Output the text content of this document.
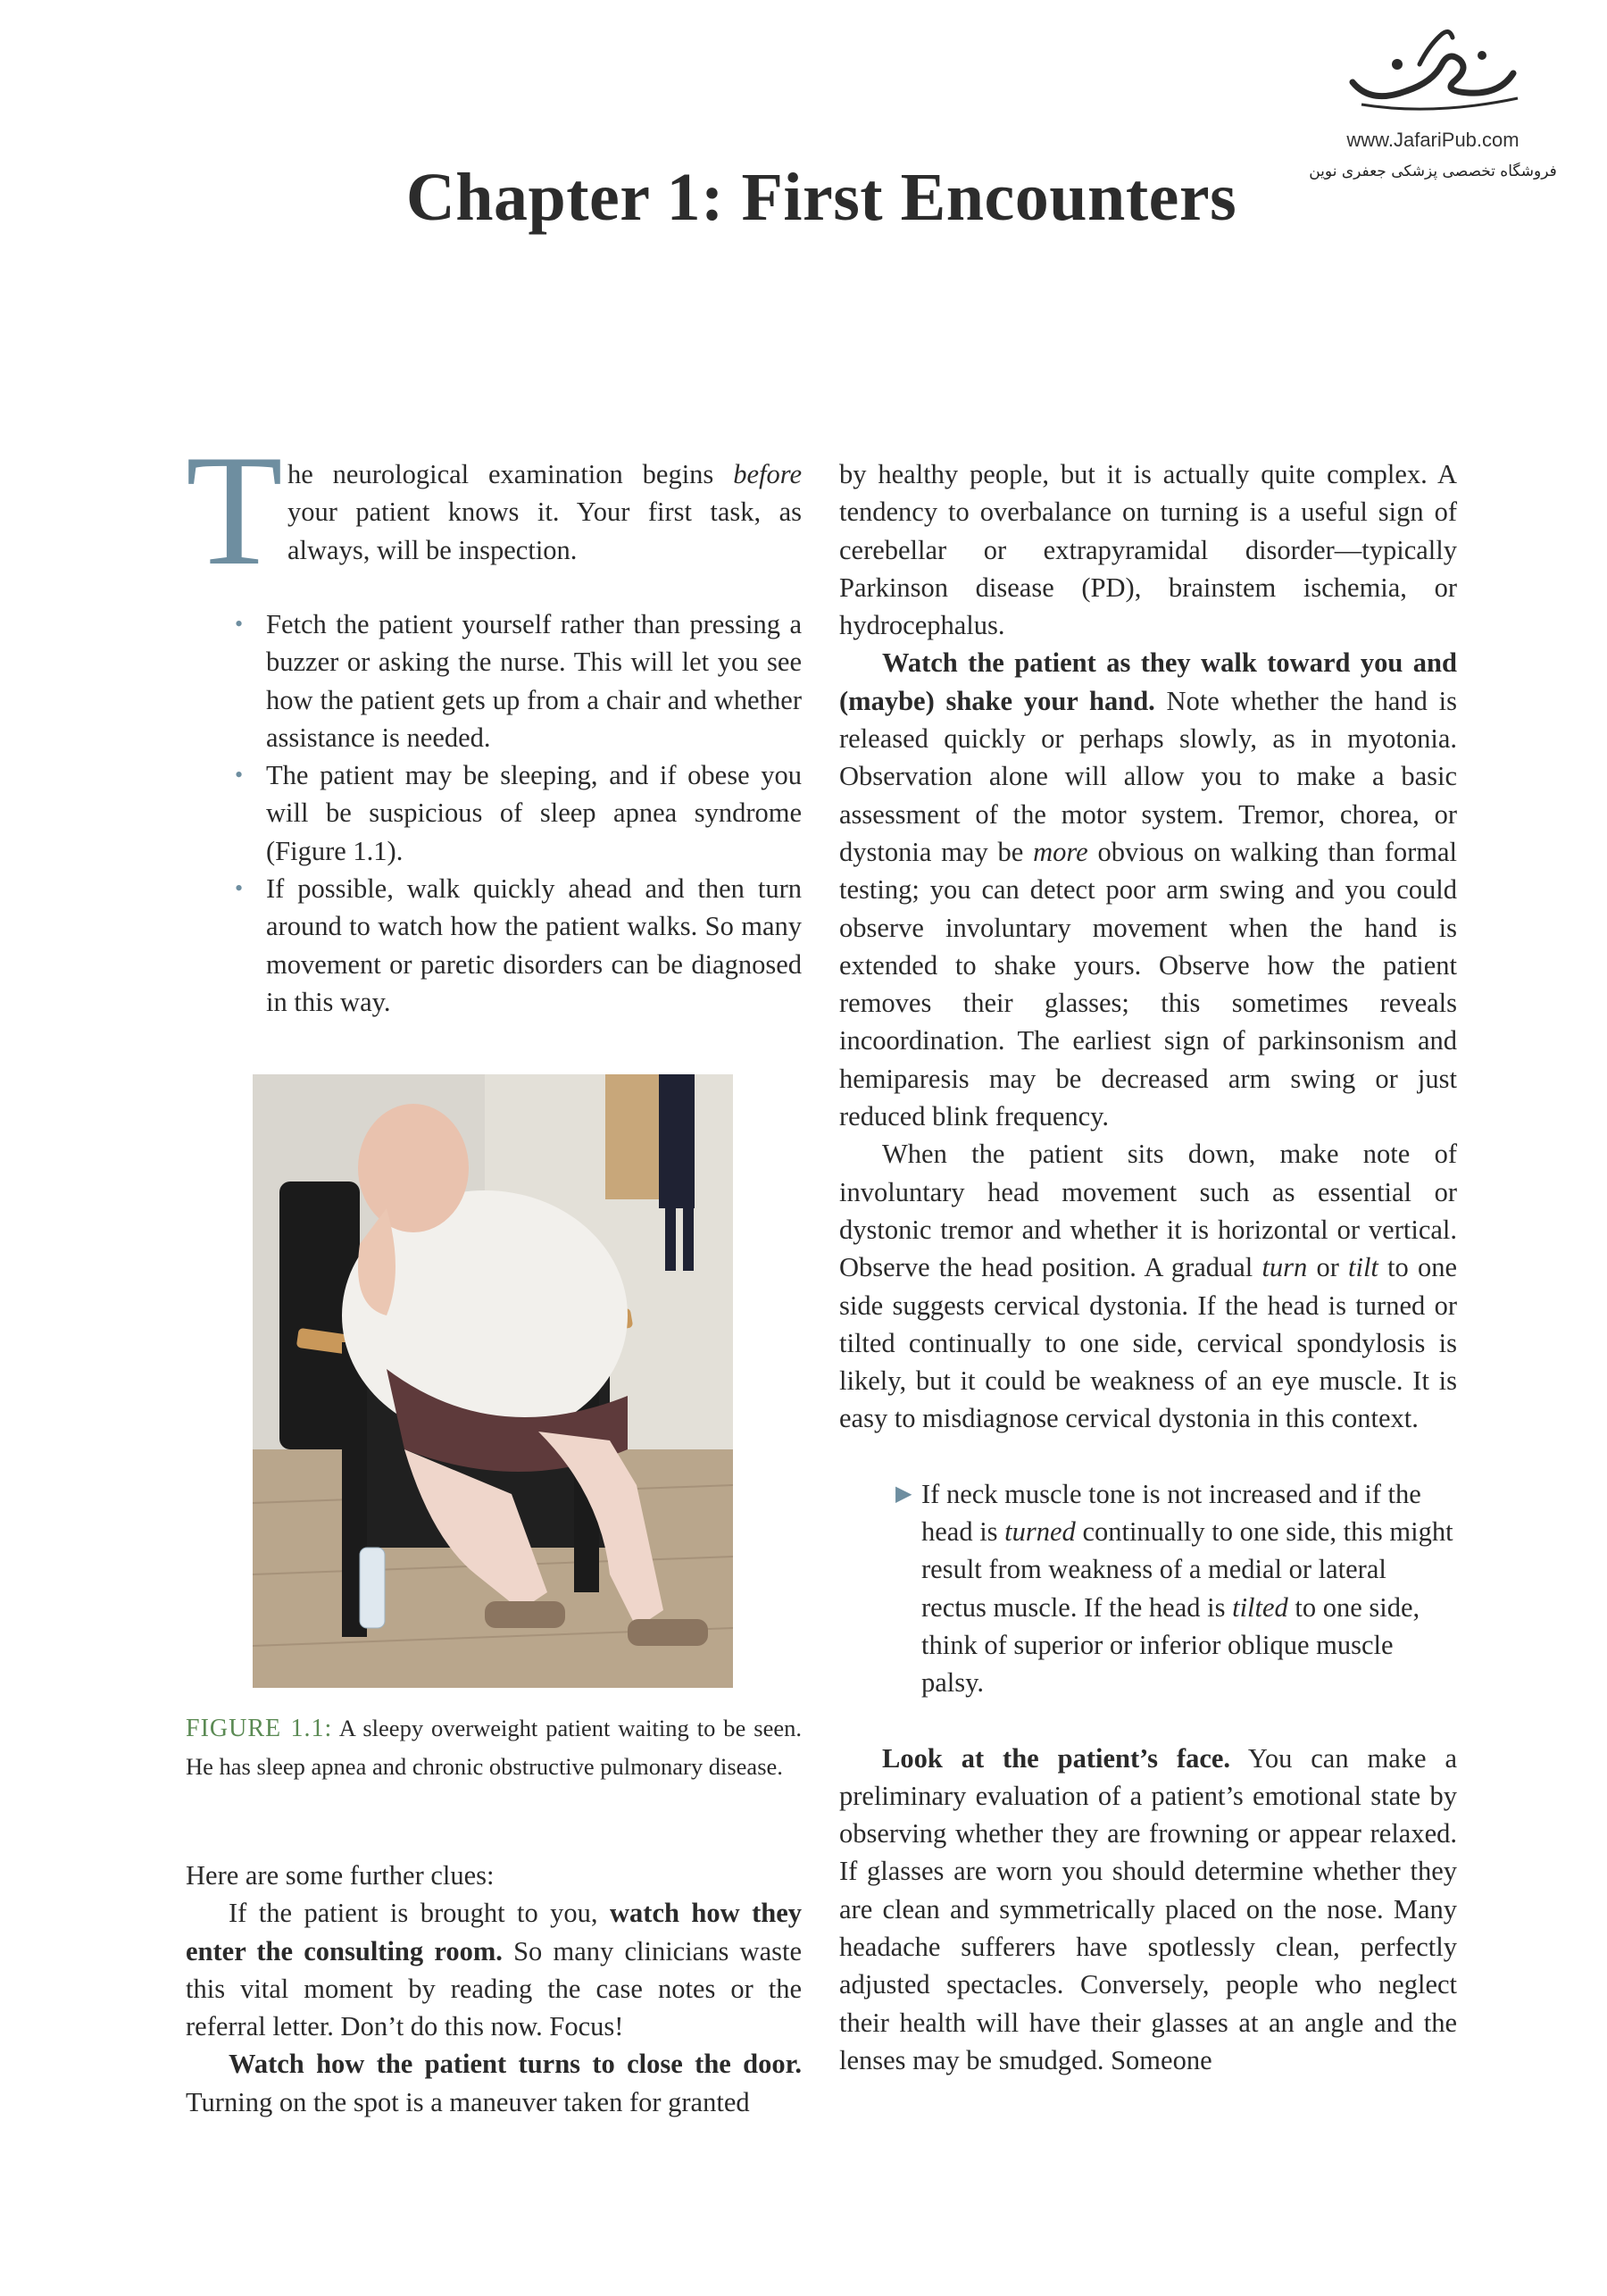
www.JafariPub.com
فروشگاه تخصصی پزشکی جعفری نوین
Chapter 1: First Encounters
T he neurological examination begins before your patient knows it. Your first task, as always, will be inspection.
• Fetch the patient yourself rather than pressing a buzzer or asking the nurse. This will let you see how the patient gets up from a chair and whether assistance is needed.
• The patient may be sleeping, and if obese you will be suspicious of sleep apnea syndrome (Figure 1.1).
• If possible, walk quickly ahead and then turn around to watch how the patient walks. So many movement or paretic disorders can be diagnosed in this way.
FIGURE 1.1: A sleepy overweight patient waiting to be seen. He has sleep apnea and chronic obstructive pulmonary disease.

Here are some further clues:

If the patient is brought to you, watch how they enter the consulting room. So many clinicians waste this vital moment by reading the case notes or the referral letter. Don’t do this now. Focus!

Watch how the patient turns to close the door. Turning on the spot is a maneuver taken for granted

by healthy people, but it is actually quite complex. A tendency to overbalance on turning is a useful sign of cerebellar or extrapyramidal disorder—typically Parkinson disease (PD), brainstem ischemia, or hydrocephalus.

Watch the patient as they walk toward you and (maybe) shake your hand. Note whether the hand is released quickly or perhaps slowly, as in myotonia. Observation alone will allow you to make a basic assessment of the motor system. Tremor, chorea, or dystonia may be more obvious on walking than formal testing; you can detect poor arm swing and you could observe involuntary movement when the hand is extended to shake yours. Observe how the patient removes their glasses; this sometimes reveals incoordination. The earliest sign of parkinsonism and hemiparesis may be decreased arm swing or just reduced blink frequency.

When the patient sits down, make note of involuntary head movement such as essential or dystonic tremor and whether it is horizontal or vertical. Observe the head position. A gradual turn or tilt to one side suggests cervical dystonia. If the head is turned or tilted continually to one side, cervical spondylosis is likely, but it could be weakness of an eye muscle. It is easy to misdiagnose cervical dystonia in this context.

▶ If neck muscle tone is not increased and if the head is turned continually to one side, this might result from weakness of a medial or lateral rectus muscle. If the head is tilted to one side, think of superior or inferior oblique muscle palsy.

Look at the patient’s face. You can make a preliminary evaluation of a patient’s emotional state by observing whether they are frowning or appear relaxed. If glasses are worn you should determine whether they are clean and symmetrically placed on the nose. Many headache sufferers have spotlessly clean, perfectly adjusted spectacles. Conversely, people who neglect their health will have their glasses at an angle and the lenses may be smudged. Someone
